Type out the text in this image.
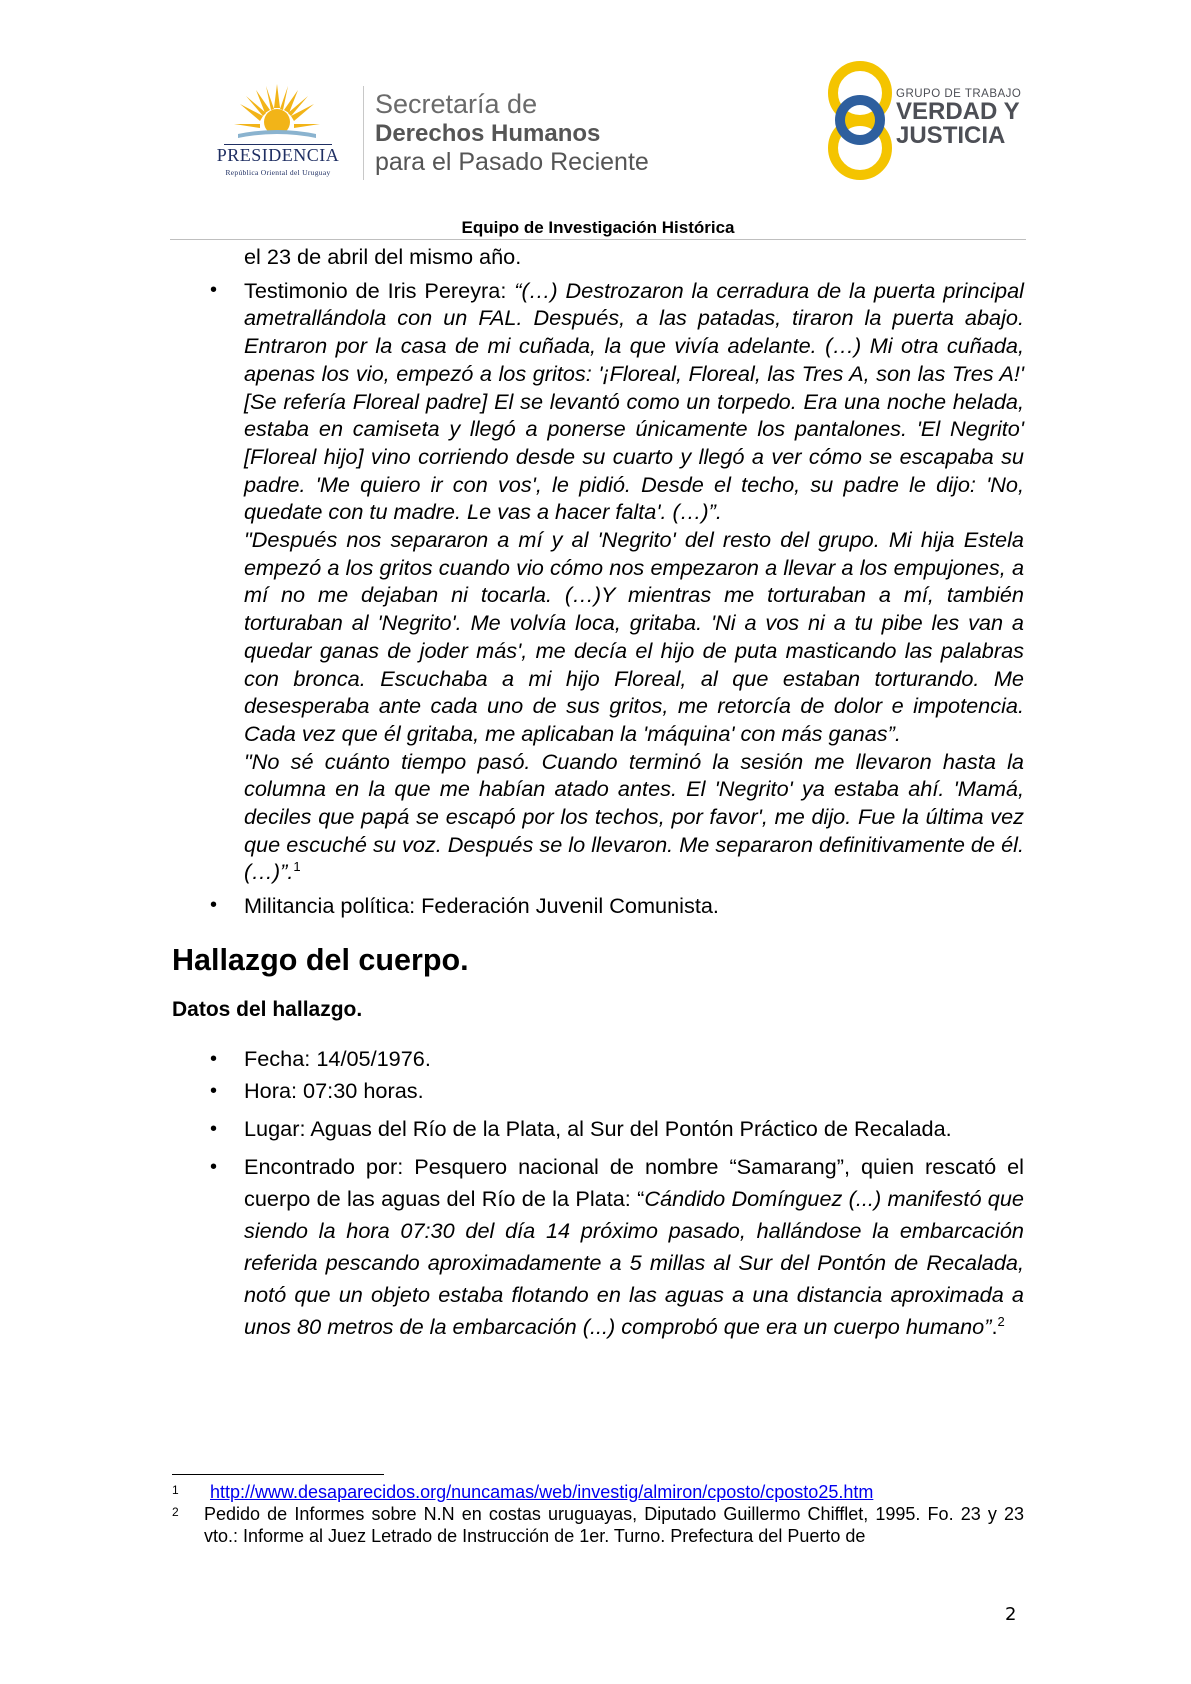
PRESIDENCIA
República Oriental del Uruguay
Secretaría de
Derechos Humanos
para el Pasado Reciente
GRUPO DE TRABAJO
VERDAD Y
JUSTICIA
Equipo de Investigación Histórica
el 23 de abril del mismo año.
• Testimonio de Iris Pereyra: “(…) Destrozaron la cerradura de la puerta principal ametrallándola con un FAL. Después, a las patadas, tiraron la puerta abajo. Entraron por la casa de mi cuñada, la que vivía adelante. (…) Mi otra cuñada, apenas los vio, empezó a los gritos: '¡Floreal, Floreal, las Tres A, son las Tres A!' [Se refería Floreal padre] El se levantó como un torpedo. Era una noche helada, estaba en camiseta y llegó a ponerse únicamente los pantalones. 'El Negrito' [Floreal hijo] vino corriendo desde su cuarto y llegó a ver cómo se escapaba su padre. 'Me quiero ir con vos', le pidió. Desde el techo, su padre le dijo: 'No, quedate con tu madre. Le vas a hacer falta'. (…)”.
"Después nos separaron a mí y al 'Negrito' del resto del grupo. Mi hija Estela empezó a los gritos cuando vio cómo nos empezaron a llevar a los empujones, a mí no me dejaban ni tocarla. (…)Y mientras me torturaban a mí, también torturaban al 'Negrito'. Me volvía loca, gritaba. 'Ni a vos ni a tu pibe les van a quedar ganas de joder más', me decía el hijo de puta masticando las palabras con bronca. Escuchaba a mi hijo Floreal, al que estaban torturando. Me desesperaba ante cada uno de sus gritos, me retorcía de dolor e impotencia. Cada vez que él gritaba, me aplicaban la 'máquina' con más ganas”.
"No sé cuánto tiempo pasó. Cuando terminó la sesión me llevaron hasta la columna en la que me habían atado antes. El 'Negrito' ya estaba ahí. 'Mamá, deciles que papá se escapó por los techos, por favor', me dijo. Fue la última vez que escuché su voz. Después se lo llevaron. Me separaron definitivamente de él. (…)”.$^1$
• Militancia política: Federación Juvenil Comunista.
Hallazgo del cuerpo.
Datos del hallazgo.
• Fecha: 14/05/1976.
• Hora: 07:30 horas.
• Lugar: Aguas del Río de la Plata, al Sur del Pontón Práctico de Recalada.
• Encontrado por: Pesquero nacional de nombre “Samarang”, quien rescató el cuerpo de las aguas del Río de la Plata: “Cándido Domínguez (...) manifestó que siendo la hora 07:30 del día 14 próximo pasado, hallándose la embarcación referida pescando aproximadamente a 5 millas al Sur del Pontón de Recalada, notó que un objeto estaba flotando en las aguas a una distancia aproximada a unos 80 metros de la embarcación (...) comprobó que era un cuerpo humano”.$^2$
1 http://www.desaparecidos.org/nuncamas/web/investig/almiron/cposto/cposto25.htm
2 Pedido de Informes sobre N.N en costas uruguayas, Diputado Guillermo Chifflet, 1995. Fo. 23 y 23 vto.: Informe al Juez Letrado de Instrucción de 1er. Turno. Prefectura del Puerto de
2
